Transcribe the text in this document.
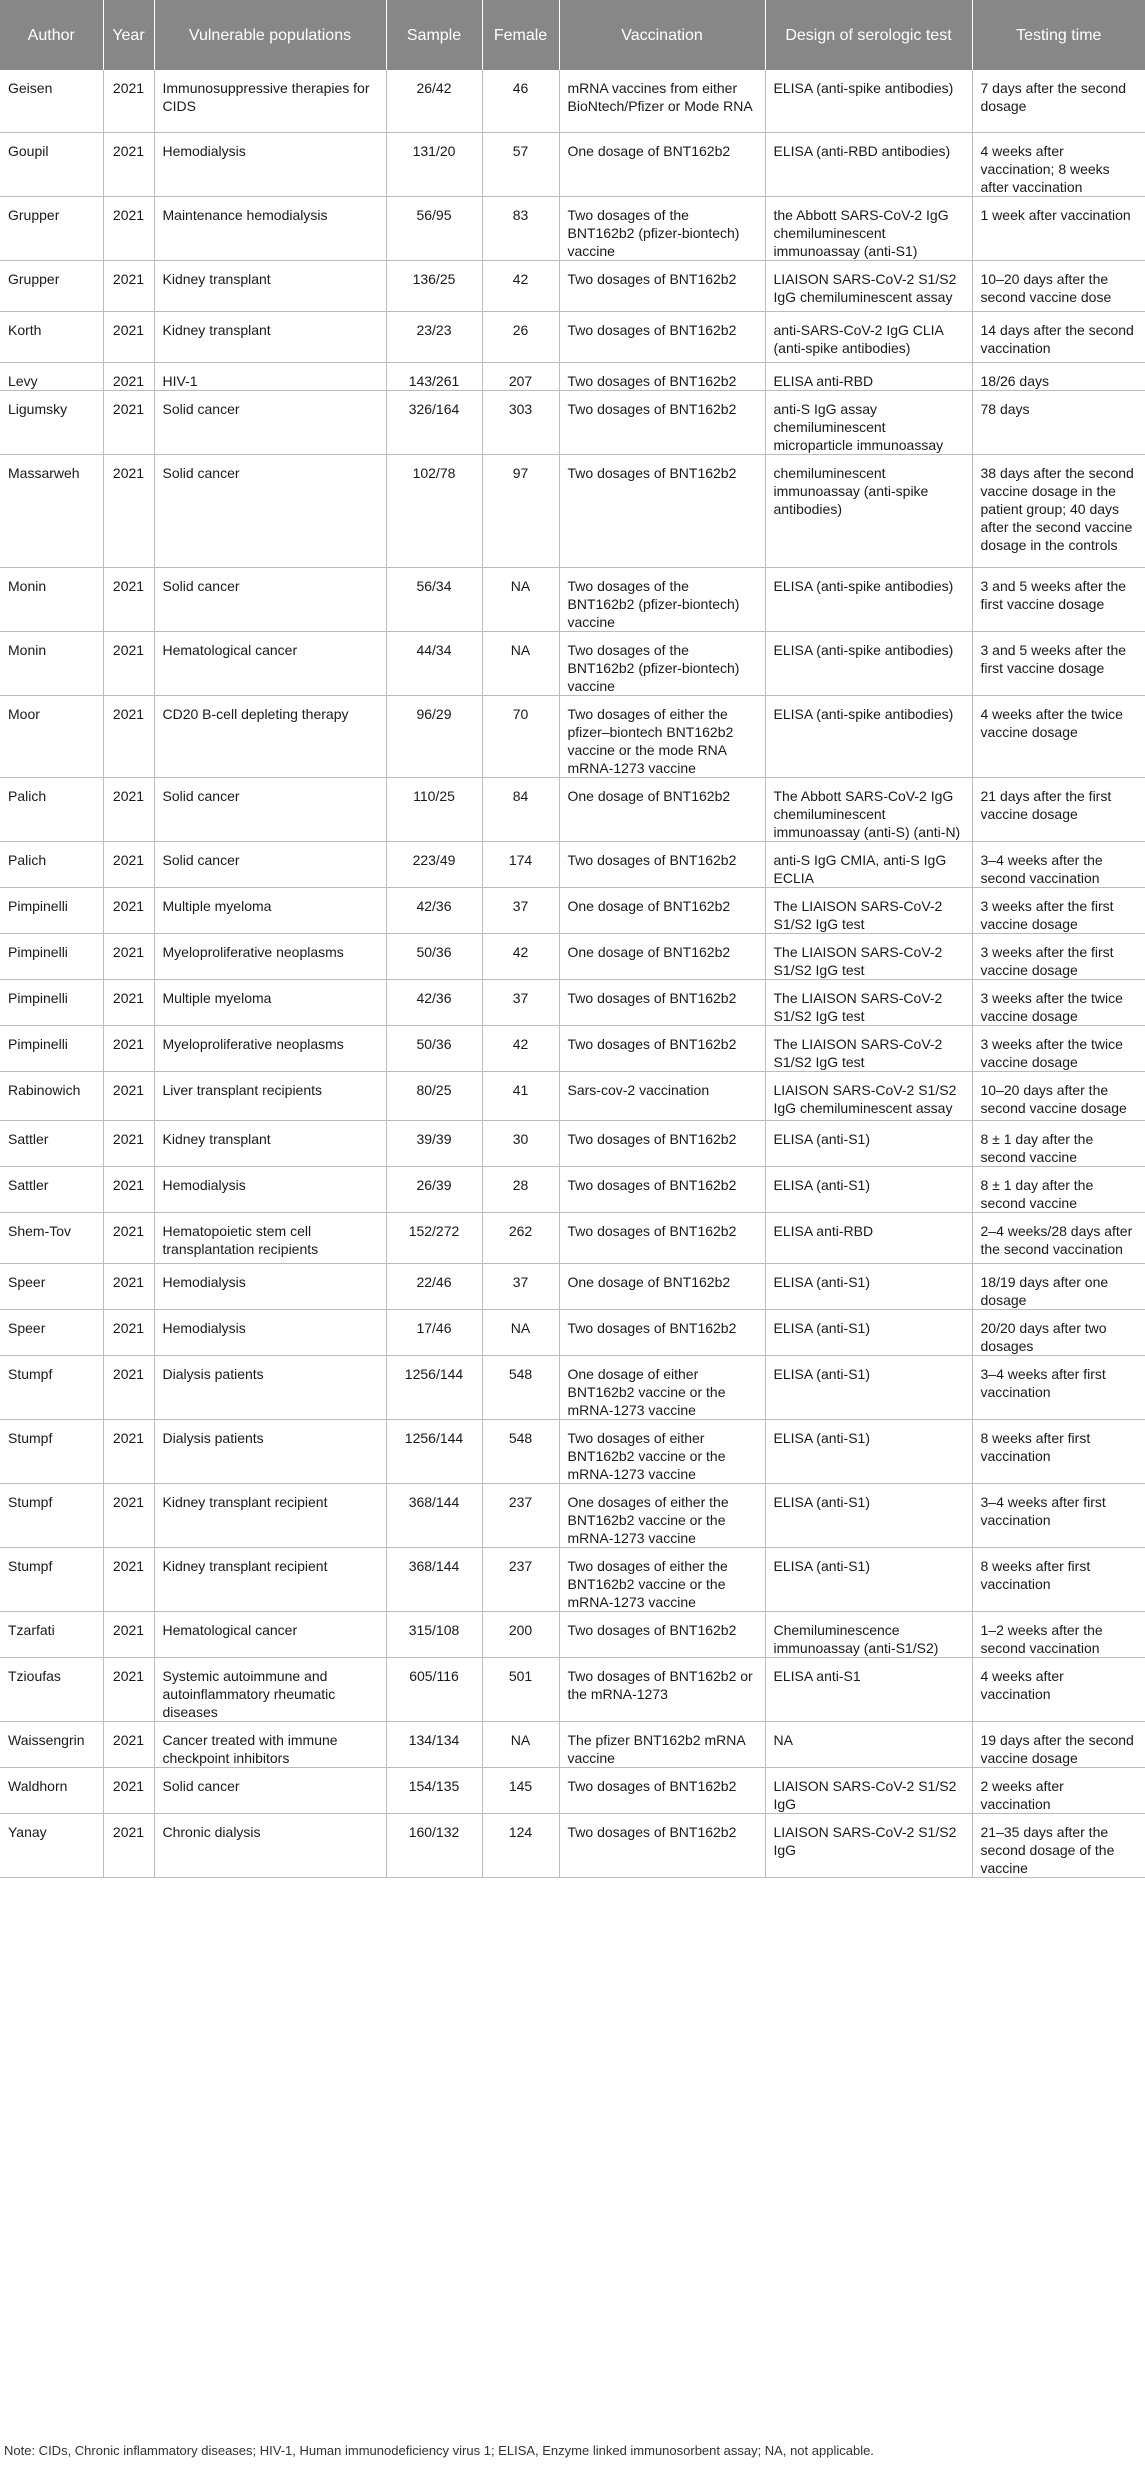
Author	Year	Vulnerable populations	Sample	Female	Vaccination	Design of serologic test	Testing time
Geisen	2021	Immunosuppressive therapies for CIDS	26/42	46	mRNA vaccines from either BioNtech/Pfizer or Mode RNA	ELISA (anti-spike antibodies)	7 days after the second dosage
Goupil	2021	Hemodialysis	131/20	57	One dosage of BNT162b2	ELISA (anti-RBD antibodies)	4 weeks after vaccination; 8 weeks after vaccination
Grupper	2021	Maintenance hemodialysis	56/95	83	Two dosages of the BNT162b2 (pfizer-biontech) vaccine	the Abbott SARS-CoV-2 IgG chemiluminescent immunoassay (anti-S1)	1 week after vaccination
Grupper	2021	Kidney transplant	136/25	42	Two dosages of BNT162b2	LIAISON SARS-CoV-2 S1/S2 IgG chemiluminescent assay	10–20 days after the second vaccine dose
Korth	2021	Kidney transplant	23/23	26	Two dosages of BNT162b2	anti-SARS-CoV-2 IgG CLIA (anti-spike antibodies)	14 days after the second vaccination
Levy	2021	HIV-1	143/261	207	Two dosages of BNT162b2	ELISA anti-RBD	18/26 days
Ligumsky	2021	Solid cancer	326/164	303	Two dosages of BNT162b2	anti-S IgG assay chemiluminescent microparticle immunoassay	78 days
Massarweh	2021	Solid cancer	102/78	97	Two dosages of BNT162b2	chemiluminescent immunoassay (anti-spike antibodies)	38 days after the second vaccine dosage in the patient group; 40 days after the second vaccine dosage in the controls
Monin	2021	Solid cancer	56/34	NA	Two dosages of the BNT162b2 (pfizer-biontech) vaccine	ELISA (anti-spike antibodies)	3 and 5 weeks after the first vaccine dosage
Monin	2021	Hematological cancer	44/34	NA	Two dosages of the BNT162b2 (pfizer-biontech) vaccine	ELISA (anti-spike antibodies)	3 and 5 weeks after the first vaccine dosage
Moor	2021	CD20 B-cell depleting therapy	96/29	70	Two dosages of either the pfizer–biontech BNT162b2 vaccine or the mode RNA mRNA-1273 vaccine	ELISA (anti-spike antibodies)	4 weeks after the twice vaccine dosage
Palich	2021	Solid cancer	110/25	84	One dosage of BNT162b2	The Abbott SARS-CoV-2 IgG chemiluminescent immunoassay (anti-S) (anti-N)	21 days after the first vaccine dosage
Palich	2021	Solid cancer	223/49	174	Two dosages of BNT162b2	anti-S IgG CMIA, anti-S IgG ECLIA	3–4 weeks after the second vaccination
Pimpinelli	2021	Multiple myeloma	42/36	37	One dosage of BNT162b2	The LIAISON SARS-CoV-2 S1/S2 IgG test	3 weeks after the first vaccine dosage
Pimpinelli	2021	Myeloproliferative neoplasms	50/36	42	One dosage of BNT162b2	The LIAISON SARS-CoV-2 S1/S2 IgG test	3 weeks after the first vaccine dosage
Pimpinelli	2021	Multiple myeloma	42/36	37	Two dosages of BNT162b2	The LIAISON SARS-CoV-2 S1/S2 IgG test	3 weeks after the twice vaccine dosage
Pimpinelli	2021	Myeloproliferative neoplasms	50/36	42	Two dosages of BNT162b2	The LIAISON SARS-CoV-2 S1/S2 IgG test	3 weeks after the twice vaccine dosage
Rabinowich	2021	Liver transplant recipients	80/25	41	Sars-cov-2 vaccination	LIAISON SARS-CoV-2 S1/S2 IgG chemiluminescent assay	10–20 days after the second vaccine dosage
Sattler	2021	Kidney transplant	39/39	30	Two dosages of BNT162b2	ELISA (anti-S1)	8 ± 1 day after the second vaccine
Sattler	2021	Hemodialysis	26/39	28	Two dosages of BNT162b2	ELISA (anti-S1)	8 ± 1 day after the second vaccine
Shem-Tov	2021	Hematopoietic stem cell transplantation recipients	152/272	262	Two dosages of BNT162b2	ELISA anti-RBD	2–4 weeks/28 days after the second vaccination
Speer	2021	Hemodialysis	22/46	37	One dosage of BNT162b2	ELISA (anti-S1)	18/19 days after one dosage
Speer	2021	Hemodialysis	17/46	NA	Two dosages of BNT162b2	ELISA (anti-S1)	20/20 days after two dosages
Stumpf	2021	Dialysis patients	1256/144	548	One dosage of either BNT162b2 vaccine or the mRNA-1273 vaccine	ELISA (anti-S1)	3–4 weeks after first vaccination
Stumpf	2021	Dialysis patients	1256/144	548	Two dosages of either BNT162b2 vaccine or the mRNA-1273 vaccine	ELISA (anti-S1)	8 weeks after first vaccination
Stumpf	2021	Kidney transplant recipient	368/144	237	One dosages of either the BNT162b2 vaccine or the mRNA-1273 vaccine	ELISA (anti-S1)	3–4 weeks after first vaccination
Stumpf	2021	Kidney transplant recipient	368/144	237	Two dosages of either the BNT162b2 vaccine or the mRNA-1273 vaccine	ELISA (anti-S1)	8 weeks after first vaccination
Tzarfati	2021	Hematological cancer	315/108	200	Two dosages of BNT162b2	Chemiluminescence immunoassay (anti-S1/S2)	1–2 weeks after the second vaccination
Tzioufas	2021	Systemic autoimmune and autoinflammatory rheumatic diseases	605/116	501	Two dosages of BNT162b2 or the mRNA-1273	ELISA anti-S1	4 weeks after vaccination
Waissengrin	2021	Cancer treated with immune checkpoint inhibitors	134/134	NA	The pfizer BNT162b2 mRNA vaccine	NA	19 days after the second vaccine dosage
Waldhorn	2021	Solid cancer	154/135	145	Two dosages of BNT162b2	LIAISON SARS-CoV-2 S1/S2 IgG	2 weeks after vaccination
Yanay	2021	Chronic dialysis	160/132	124	Two dosages of BNT162b2	LIAISON SARS-CoV-2 S1/S2 IgG	21–35 days after the second dosage of the vaccine
Note: CIDs, Chronic inflammatory diseases; HIV-1, Human immunodeficiency virus 1; ELISA, Enzyme linked immunosorbent assay; NA, not applicable.
